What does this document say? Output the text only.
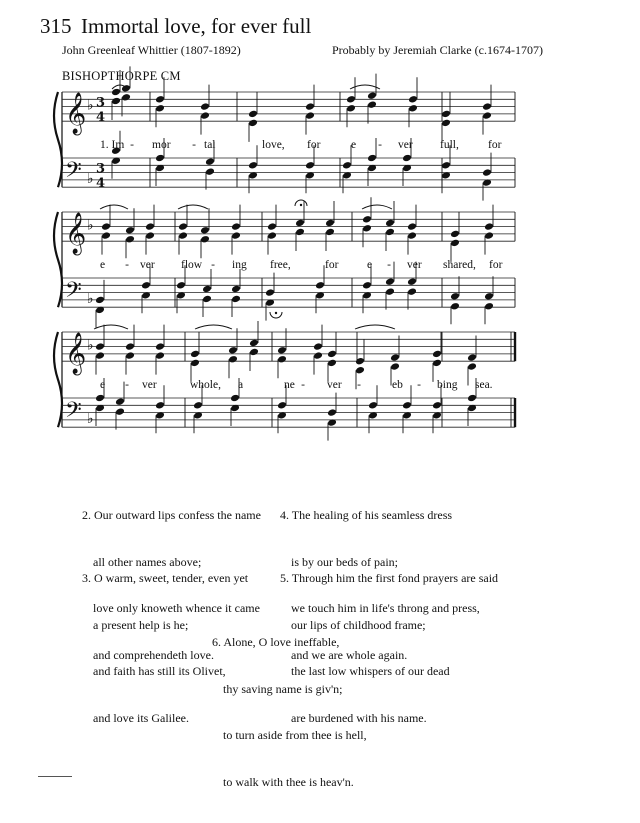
315 Immortal love, for ever full
John Greenleaf Whittier (1807-1892)	Probably by Jeremiah Clarke (c.1674-1707)
BISHOPTHORPE CM
𝄞 ♭ 3
4
𝄢 ♭
3
4
1. Im - mor - tal	love, for	e - ver full,	for
𝄞 ♭
𝄢 ♭
e - ver flow - ing free,	for e - ver shared, for
𝄞 ♭
𝄢 ♭
e - ver	whole, a	ne - ver -	eb - bing sea.

2. Our outward lips confess the name

all other names above;

love only knoweth whence it came

and comprehendeth love.

3. O warm, sweet, tender, even yet

a present help is he;

and faith has still its Olivet,

and love its Galilee.

4. The healing of his seamless dress

is by our beds of pain;

we touch him in life's throng and press,

and we are whole again.

5. Through him the first fond prayers are said

our lips of childhood frame;

the last low whispers of our dead

are burdened with his name.

6. Alone, O love ineffable,

thy saving name is giv'n;

to turn aside from thee is hell,

to walk with thee is heav'n.
